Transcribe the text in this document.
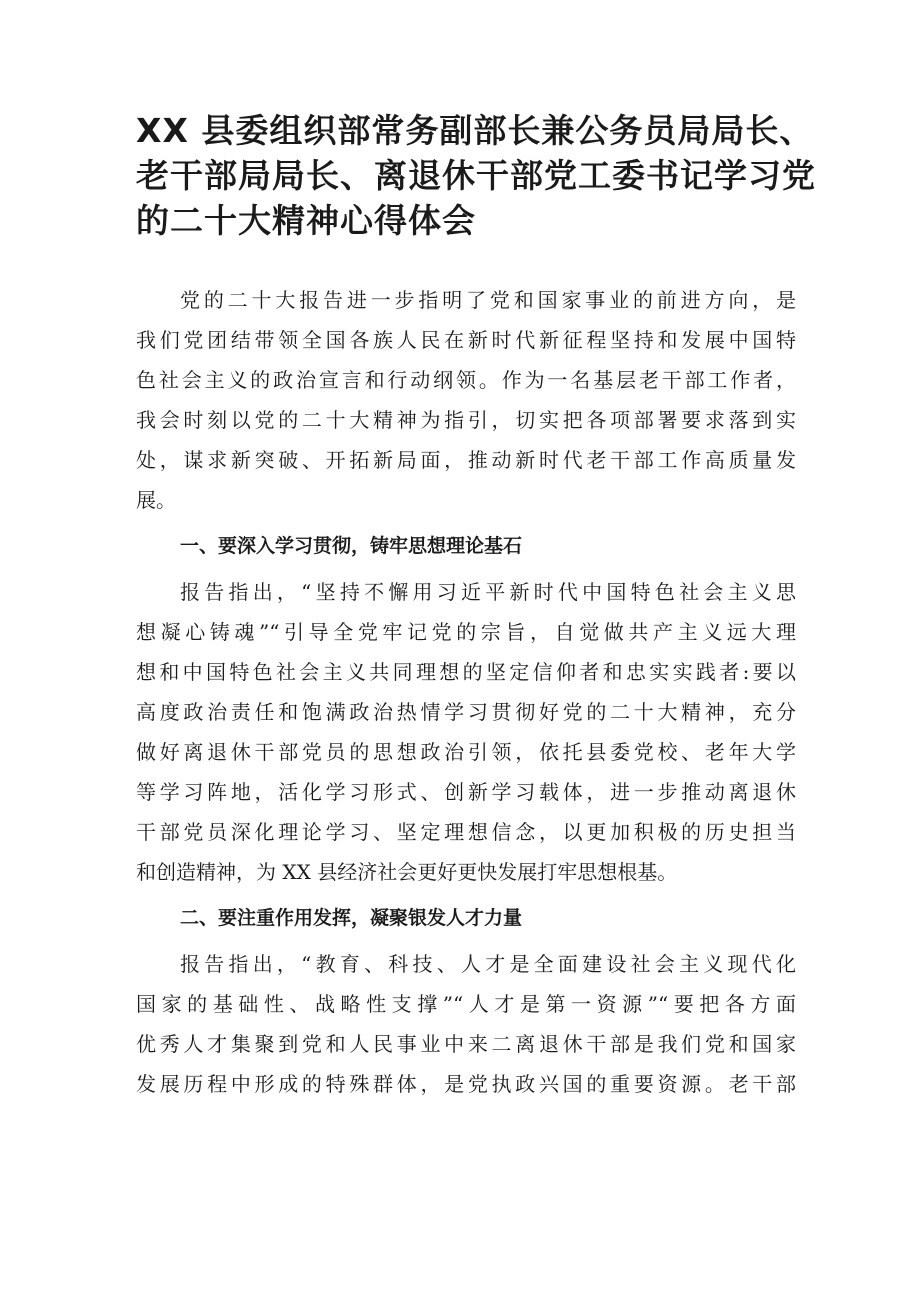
XX 县委组织部常务副部长兼公务员局局长、
老干部局局长、离退休干部党工委书记学习党
的二十大精神心得体会
党的二十大报告进一步指明了党和国家事业的前进方向，是
我们党团结带领全国各族人民在新时代新征程坚持和发展中国特
色社会主义的政治宣言和行动纲领。作为一名基层老干部工作者，
我会时刻以党的二十大精神为指引，切实把各项部署要求落到实
处，谋求新突破、开拓新局面，推动新时代老干部工作高质量发
展。
一、要深入学习贯彻，铸牢思想理论基石
报告指出，“坚持不懈用习近平新时代中国特色社会主义思
想凝心铸魂”“引导全党牢记党的宗旨，自觉做共产主义远大理
想和中国特色社会主义共同理想的坚定信仰者和忠实实践者:要以
高度政治责任和饱满政治热情学习贯彻好党的二十大精神，充分
做好离退休干部党员的思想政治引领，依托县委党校、老年大学
等学习阵地，活化学习形式、创新学习载体，进一步推动离退休
干部党员深化理论学习、坚定理想信念，以更加积极的历史担当
和创造精神，为 XX 县经济社会更好更快发展打牢思想根基。
二、要注重作用发挥，凝聚银发人才力量
报告指出，“教育、科技、人才是全面建设社会主义现代化
国家的基础性、战略性支撑”“人才是第一资源”“要把各方面
优秀人才集聚到党和人民事业中来二离退休干部是我们党和国家
发展历程中形成的特殊群体，是党执政兴国的重要资源。老干部
